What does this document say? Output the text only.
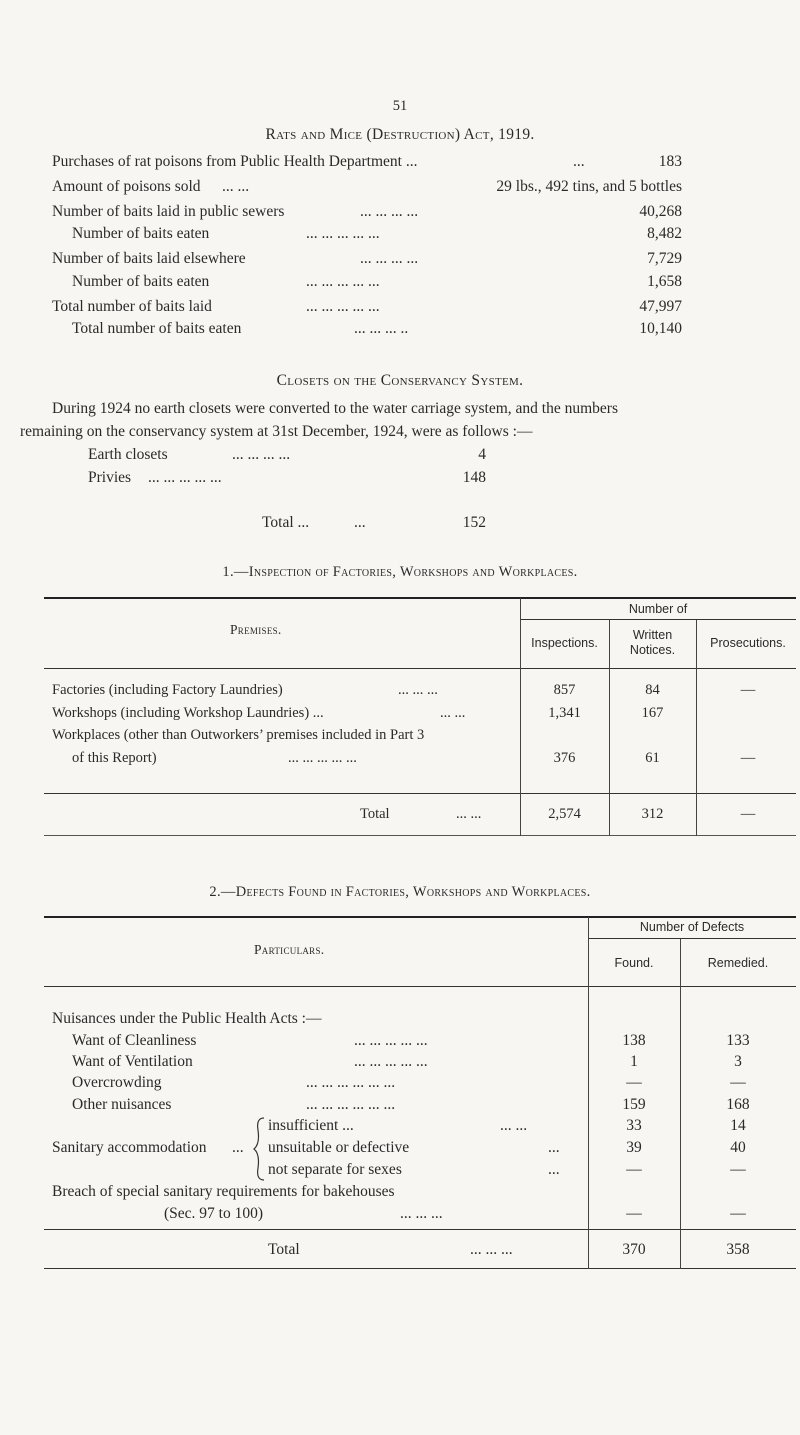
51
Rats and Mice (Destruction) Act, 1919.
Purchases of rat poisons from Public Health Department ...	...	183
Amount of poisons sold ... ...	29 lbs., 492 tins, and 5 bottles
Number of baits laid in public sewers	... ... ... ...	40,268
Number of baits eaten	... ... ... ... ...	8,482
Number of baits laid elsewhere	... ... ... ...	7,729
Number of baits eaten	... ... ... ... ...	1,658
Total number of baits laid	... ... ... ... ...	47,997
Total number of baits eaten	... ... ... ..	10,140
Closets on the Conservancy System.
During 1924 no earth closets were converted to the water carriage system, and the numbers
remaining on the conservancy system at 31st December, 1924, were as follows :—
Earth closets	... ... ... ...	4
Privies ... ... ... ... ...	148
Total ...	...	152
1.—Inspection of Factories, Workshops and Workplaces.
Premises.
Number of
Inspections.
Written
Notices.	Prosecutions.
Factories (including Factory Laundries)	... ... ...	857	84	—
Workshops (including Workshop Laundries) ...	... ...	1,341	167
Workplaces (other than Outworkers’ premises included in Part 3
of this Report)	... ... ... ... ...	376	61	—
Total	... ...	2,574	312	—
2.—Defects Found in Factories, Workshops and Workplaces.
Particulars.
Number of Defects
Found.	Remedied.
Nuisances under the Public Health Acts :—
Want of Cleanliness	... ... ... ... ...	138	133
Want of Ventilation	... ... ... ... ...	1	3
Overcrowding	... ... ... ... ... ...	—	—
Other nuisances	... ... ... ... ... ...	159	168
Sanitary accommodation ...
insufficient ...	... ...	33	14
unsuitable or defective	...	39	40
not separate for sexes	...	—	—
Breach of special sanitary requirements for bakehouses
(Sec. 97 to 100)	... ... ...	—	—
Total	... ... ...	370	358
